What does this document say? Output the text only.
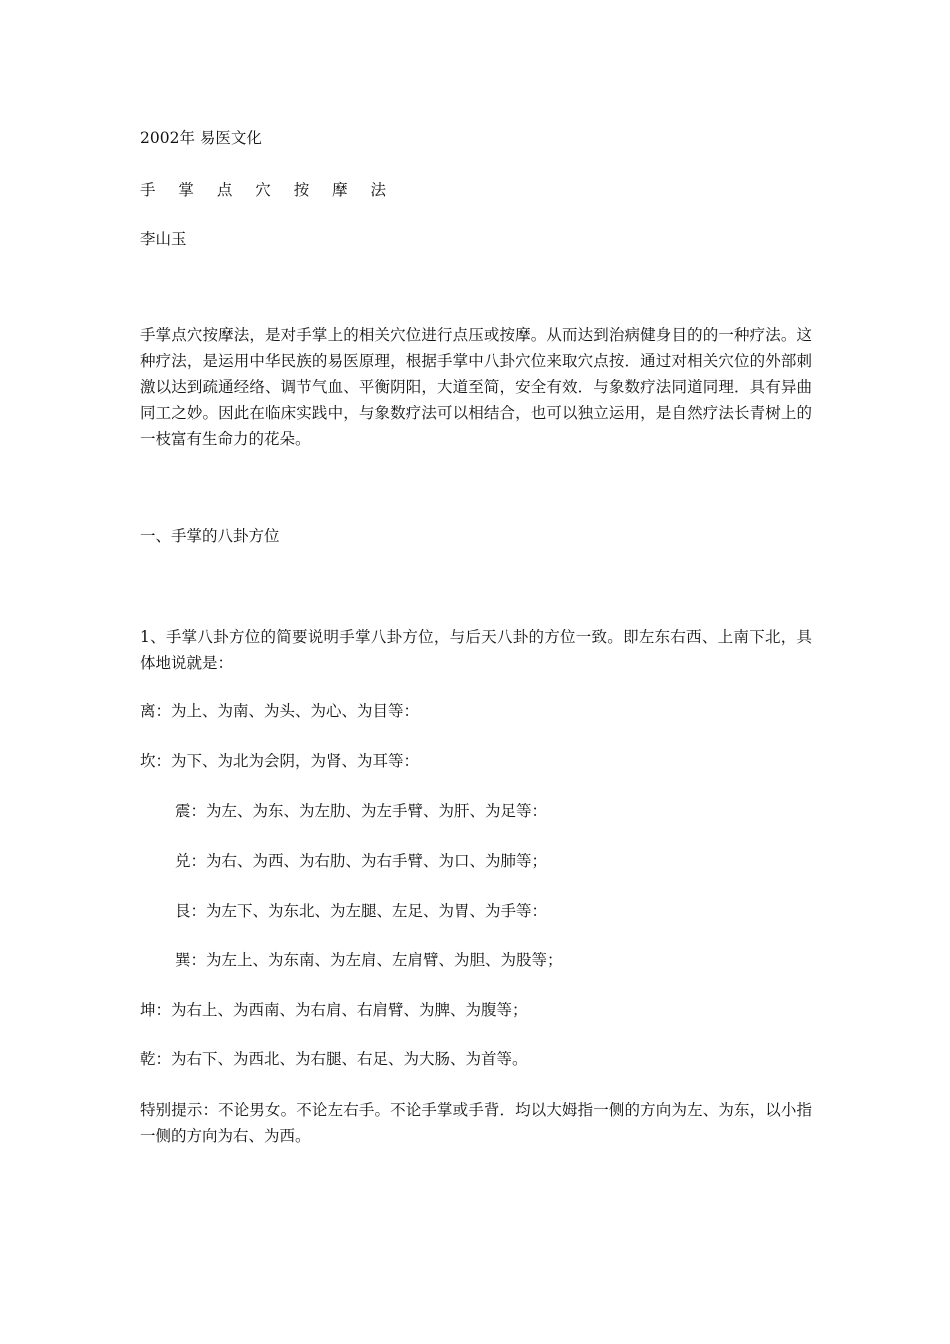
2002年 易医文化
手 掌 点 穴 按 摩 法
李山玉
手掌点穴按摩法，是对手掌上的相关穴位进行点压或按摩。从而达到治病健身目的的一种疗法。这种疗法，是运用中华民族的易医原理，根据手掌中八卦穴位来取穴点按．通过对相关穴位的外部刺激以达到疏通经络、调节气血、平衡阴阳，大道至简，安全有效．与象数疗法同道同理．具有异曲同工之妙。因此在临床实践中，与象数疗法可以相结合，也可以独立运用，是自然疗法长青树上的一枝富有生命力的花朵。
一、手掌的八卦方位
1、手掌八卦方位的简要说明手掌八卦方位，与后天八卦的方位一致。即左东右西、上南下北，具体地说就是：
离：为上、为南、为头、为心、为目等：
坎：为下、为北为会阴，为肾、为耳等：
震：为左、为东、为左肋、为左手臂、为肝、为足等：
兑：为右、为西、为右肋、为右手臂、为口、为肺等；
艮：为左下、为东北、为左腿、左足、为胃、为手等：
巽：为左上、为东南、为左肩、左肩臂、为胆、为股等；
坤：为右上、为西南、为右肩、右肩臂、为脾、为腹等；
乾：为右下、为西北、为右腿、右足、为大肠、为首等。
特别提示：不论男女。不论左右手。不论手掌或手背．均以大姆指一侧的方向为左、为东，以小指一侧的方向为右、为西。
